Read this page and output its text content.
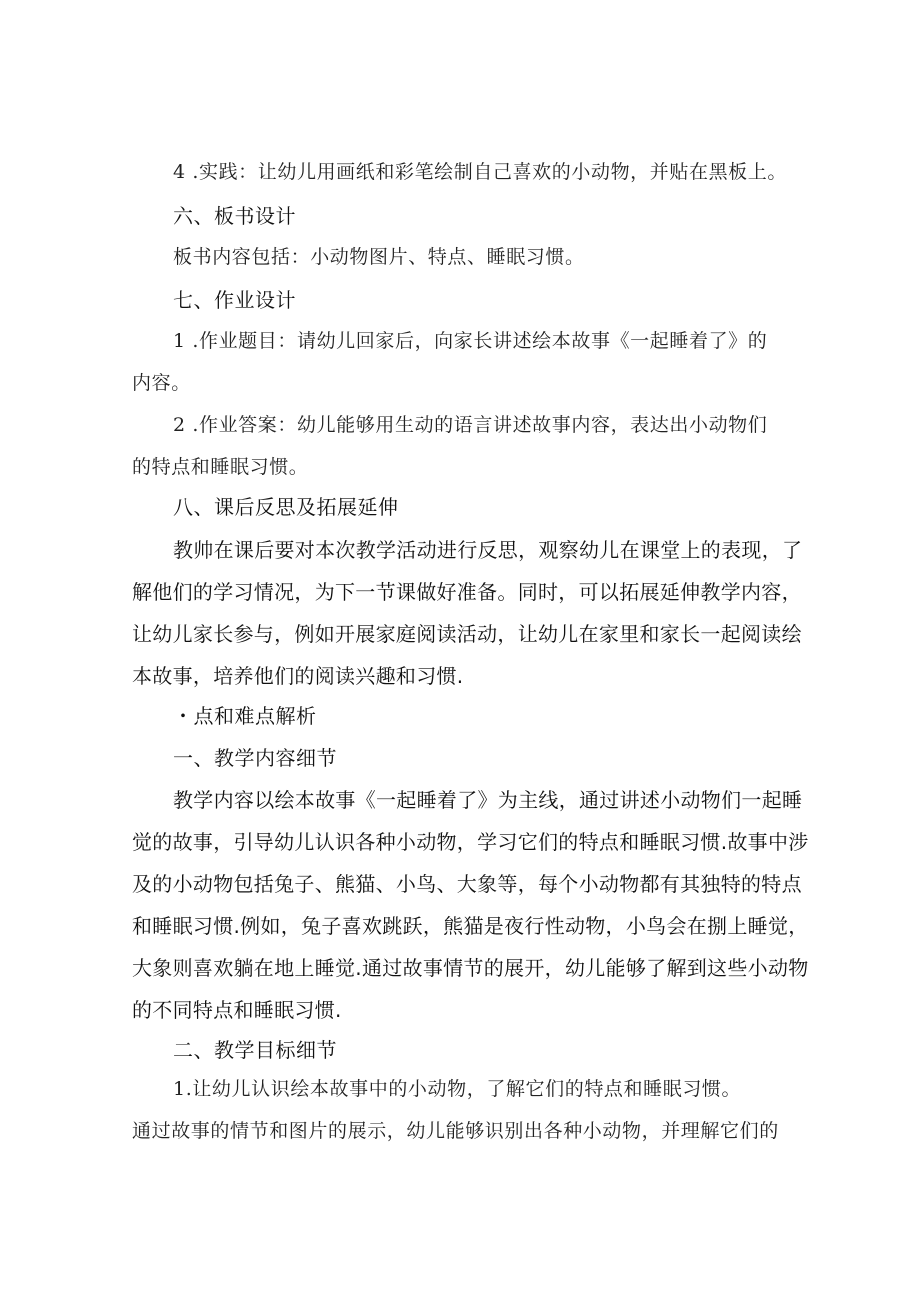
4 .实践：让幼儿用画纸和彩笔绘制自己喜欢的小动物，并贴在黑板上。
六、板书设计
板书内容包括：小动物图片、特点、睡眠习惯。
七、作业设计
1 .作业题目：请幼儿回家后，向家长讲述绘本故事《一起睡着了》的
内容。
2 .作业答案：幼儿能够用生动的语言讲述故事内容，表达出小动物们
的特点和睡眠习惯。
八、课后反思及拓展延伸
教帅在课后要对本次教学活动进行反思，观察幼儿在课堂上的表现，了
解他们的学习情况，为下一节课做好准备。同时，可以拓展延伸教学内容，
让幼儿家长参与，例如开展家庭阅读活动，让幼儿在家里和家长一起阅读绘
本故事，培养他们的阅读兴趣和习惯.
・点和难点解析
一、教学内容细节
教学内容以绘本故事《一起睡着了》为主线，通过讲述小动物们一起睡
觉的故事，引导幼儿认识各种小动物，学习它们的特点和睡眠习惯.故事中涉
及的小动物包括兔子、熊猫、小鸟、大象等，每个小动物都有其独特的特点
和睡眠习惯.例如，兔子喜欢跳跃，熊猫是夜行性动物，小鸟会在捌上睡觉，
大象则喜欢躺在地上睡觉.通过故事情节的展开，幼儿能够了解到这些小动物
的不同特点和睡眠习惯.
二、教学目标细节
1.让幼儿认识绘本故事中的小动物，了解它们的特点和睡眠习惯。
通过故事的情节和图片的展示，幼儿能够识别出各种小动物，并理解它们的
